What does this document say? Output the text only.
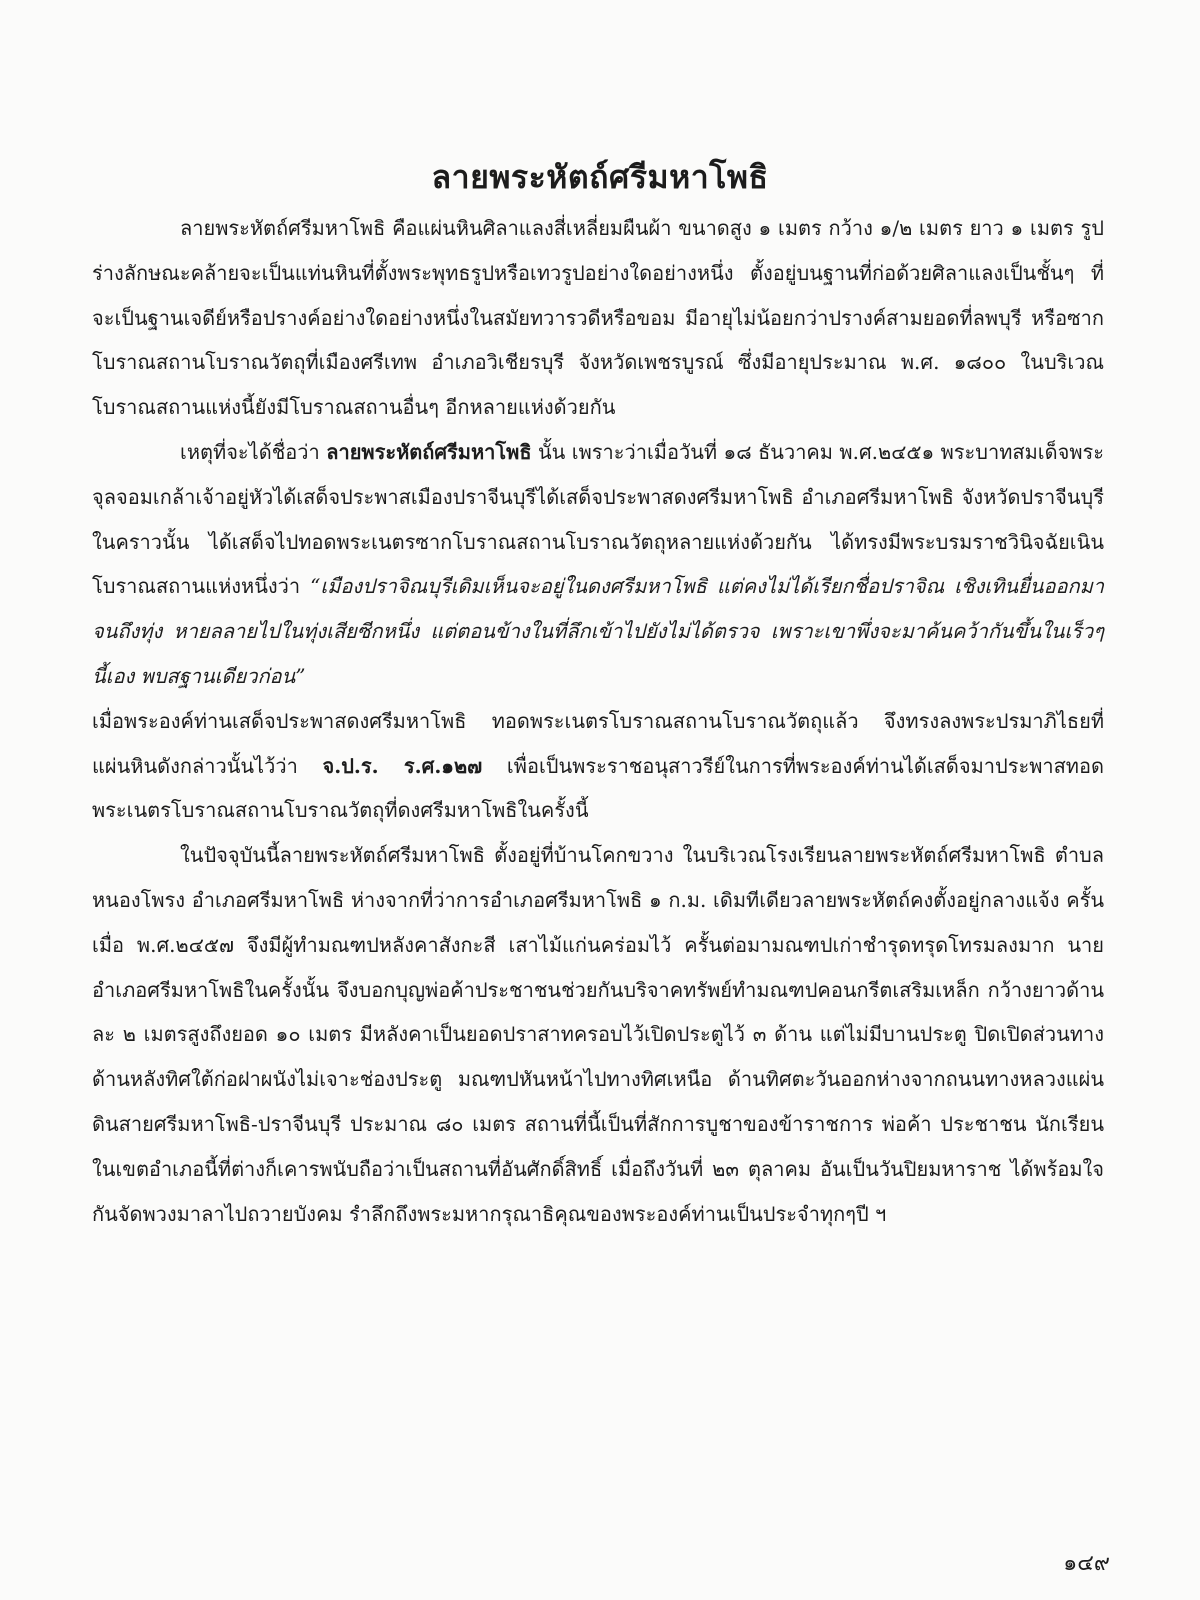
ลายพระหัตถ์ศรีมหาโพธิ

ลายพระหัตถ์ศรีมหาโพธิ คือแผ่นหินศิลาแลงสี่เหลี่ยมผืนผ้า ขนาดสูง ๑ เมตร กว้าง ๑/๒ เมตร ยาว ๑ เมตร รูปร่างลักษณะคล้ายจะเป็นแท่นหินที่ตั้งพระพุทธรูปหรือเทวรูปอย่างใดอย่างหนึ่ง ตั้งอยู่บนฐานที่ก่อด้วยศิลาแลงเป็นชั้นๆ ที่จะเป็นฐานเจดีย์หรือปรางค์อย่างใดอย่างหนึ่งในสมัยทวารวดีหรือขอม มีอายุไม่น้อยกว่าปรางค์สามยอดที่ลพบุรี หรือซากโบราณสถานโบราณวัตถุที่เมืองศรีเทพ อำเภอวิเชียรบุรี จังหวัดเพชรบูรณ์ ซึ่งมีอายุประมาณ พ.ศ. ๑๘๐๐ ในบริเวณโบราณสถานแห่งนี้ยังมีโบราณสถานอื่นๆ อีกหลายแห่งด้วยกัน

เหตุที่จะได้ชื่อว่า ลายพระหัตถ์ศรีมหาโพธิ นั้น เพราะว่าเมื่อวันที่ ๑๘ ธันวาคม พ.ศ.๒๔๕๑ พระบาทสมเด็จพระจุลจอมเกล้าเจ้าอยู่หัวได้เสด็จประพาสเมืองปราจีนบุรีได้เสด็จประพาสดงศรีมหาโพธิ อำเภอศรีมหาโพธิ จังหวัดปราจีนบุรีในคราวนั้น ได้เสด็จไปทอดพระเนตรซากโบราณสถานโบราณวัตถุหลายแห่งด้วยกัน ได้ทรงมีพระบรมราชวินิจฉัยเนินโบราณสถานแห่งหนึ่งว่า “เมืองปราจิณบุรีเดิมเห็นจะอยู่ในดงศรีมหาโพธิ แต่คงไม่ได้เรียกชื่อปราจิณ เชิงเทินยื่นออกมาจนถึงทุ่ง หายลลายไปในทุ่งเสียซีกหนึ่ง แต่ตอนข้างในที่ลึกเข้าไปยังไม่ได้ตรวจ เพราะเขาพึ่งจะมาค้นคว้ากันขึ้นในเร็วๆ นี้เอง พบสฐานเดียวก่อน”

เมื่อพระองค์ท่านเสด็จประพาสดงศรีมหาโพธิ ทอดพระเนตรโบราณสถานโบราณวัตถุแล้ว จึงทรงลงพระปรมาภิไธยที่แผ่นหินดังกล่าวนั้นไว้ว่า จ.ป.ร. ร.ศ.๑๒๗ เพื่อเป็นพระราชอนุสาวรีย์ในการที่พระองค์ท่านได้เสด็จมาประพาสทอดพระเนตรโบราณสถานโบราณวัตถุที่ดงศรีมหาโพธิในครั้งนี้

ในปัจจุบันนี้ลายพระหัตถ์ศรีมหาโพธิ ตั้งอยู่ที่บ้านโคกขวาง ในบริเวณโรงเรียนลายพระหัตถ์ศรีมหาโพธิ ตำบลหนองโพรง อำเภอศรีมหาโพธิ ห่างจากที่ว่าการอำเภอศรีมหาโพธิ ๑ ก.ม. เดิมทีเดียวลายพระหัตถ์คงตั้งอยู่กลางแจ้ง ครั้นเมื่อ พ.ศ.๒๔๕๗ จึงมีผู้ทำมณฑปหลังคาสังกะสี เสาไม้แก่นคร่อมไว้ ครั้นต่อมามณฑปเก่าชำรุดทรุดโทรมลงมาก นายอำเภอศรีมหาโพธิในครั้งนั้น จึงบอกบุญพ่อค้าประชาชนช่วยกันบริจาคทรัพย์ทำมณฑปคอนกรีตเสริมเหล็ก กว้างยาวด้านละ ๒ เมตรสูงถึงยอด ๑๐ เมตร มีหลังคาเป็นยอดปราสาทครอบไว้เปิดประตูไว้ ๓ ด้าน แต่ไม่มีบานประตู ปิดเปิดส่วนทางด้านหลังทิศใต้ก่อฝาผนังไม่เจาะช่องประตู มณฑปหันหน้าไปทางทิศเหนือ ด้านทิศตะวันออกห่างจากถนนทางหลวงแผ่นดินสายศรีมหาโพธิ-ปราจีนบุรี ประมาณ ๘๐ เมตร สถานที่นี้เป็นที่สักการบูชาของข้าราชการ พ่อค้า ประชาชน นักเรียนในเขตอำเภอนี้ที่ต่างก็เคารพนับถือว่าเป็นสถานที่อันศักดิ์สิทธิ์ เมื่อถึงวันที่ ๒๓ ตุลาคม อันเป็นวันปิยมหาราช ได้พร้อมใจกันจัดพวงมาลาไปถวายบังคม รำลึกถึงพระมหากรุณาธิคุณของพระองค์ท่านเป็นประจำทุกๆปี ฯ

๑๔๙
